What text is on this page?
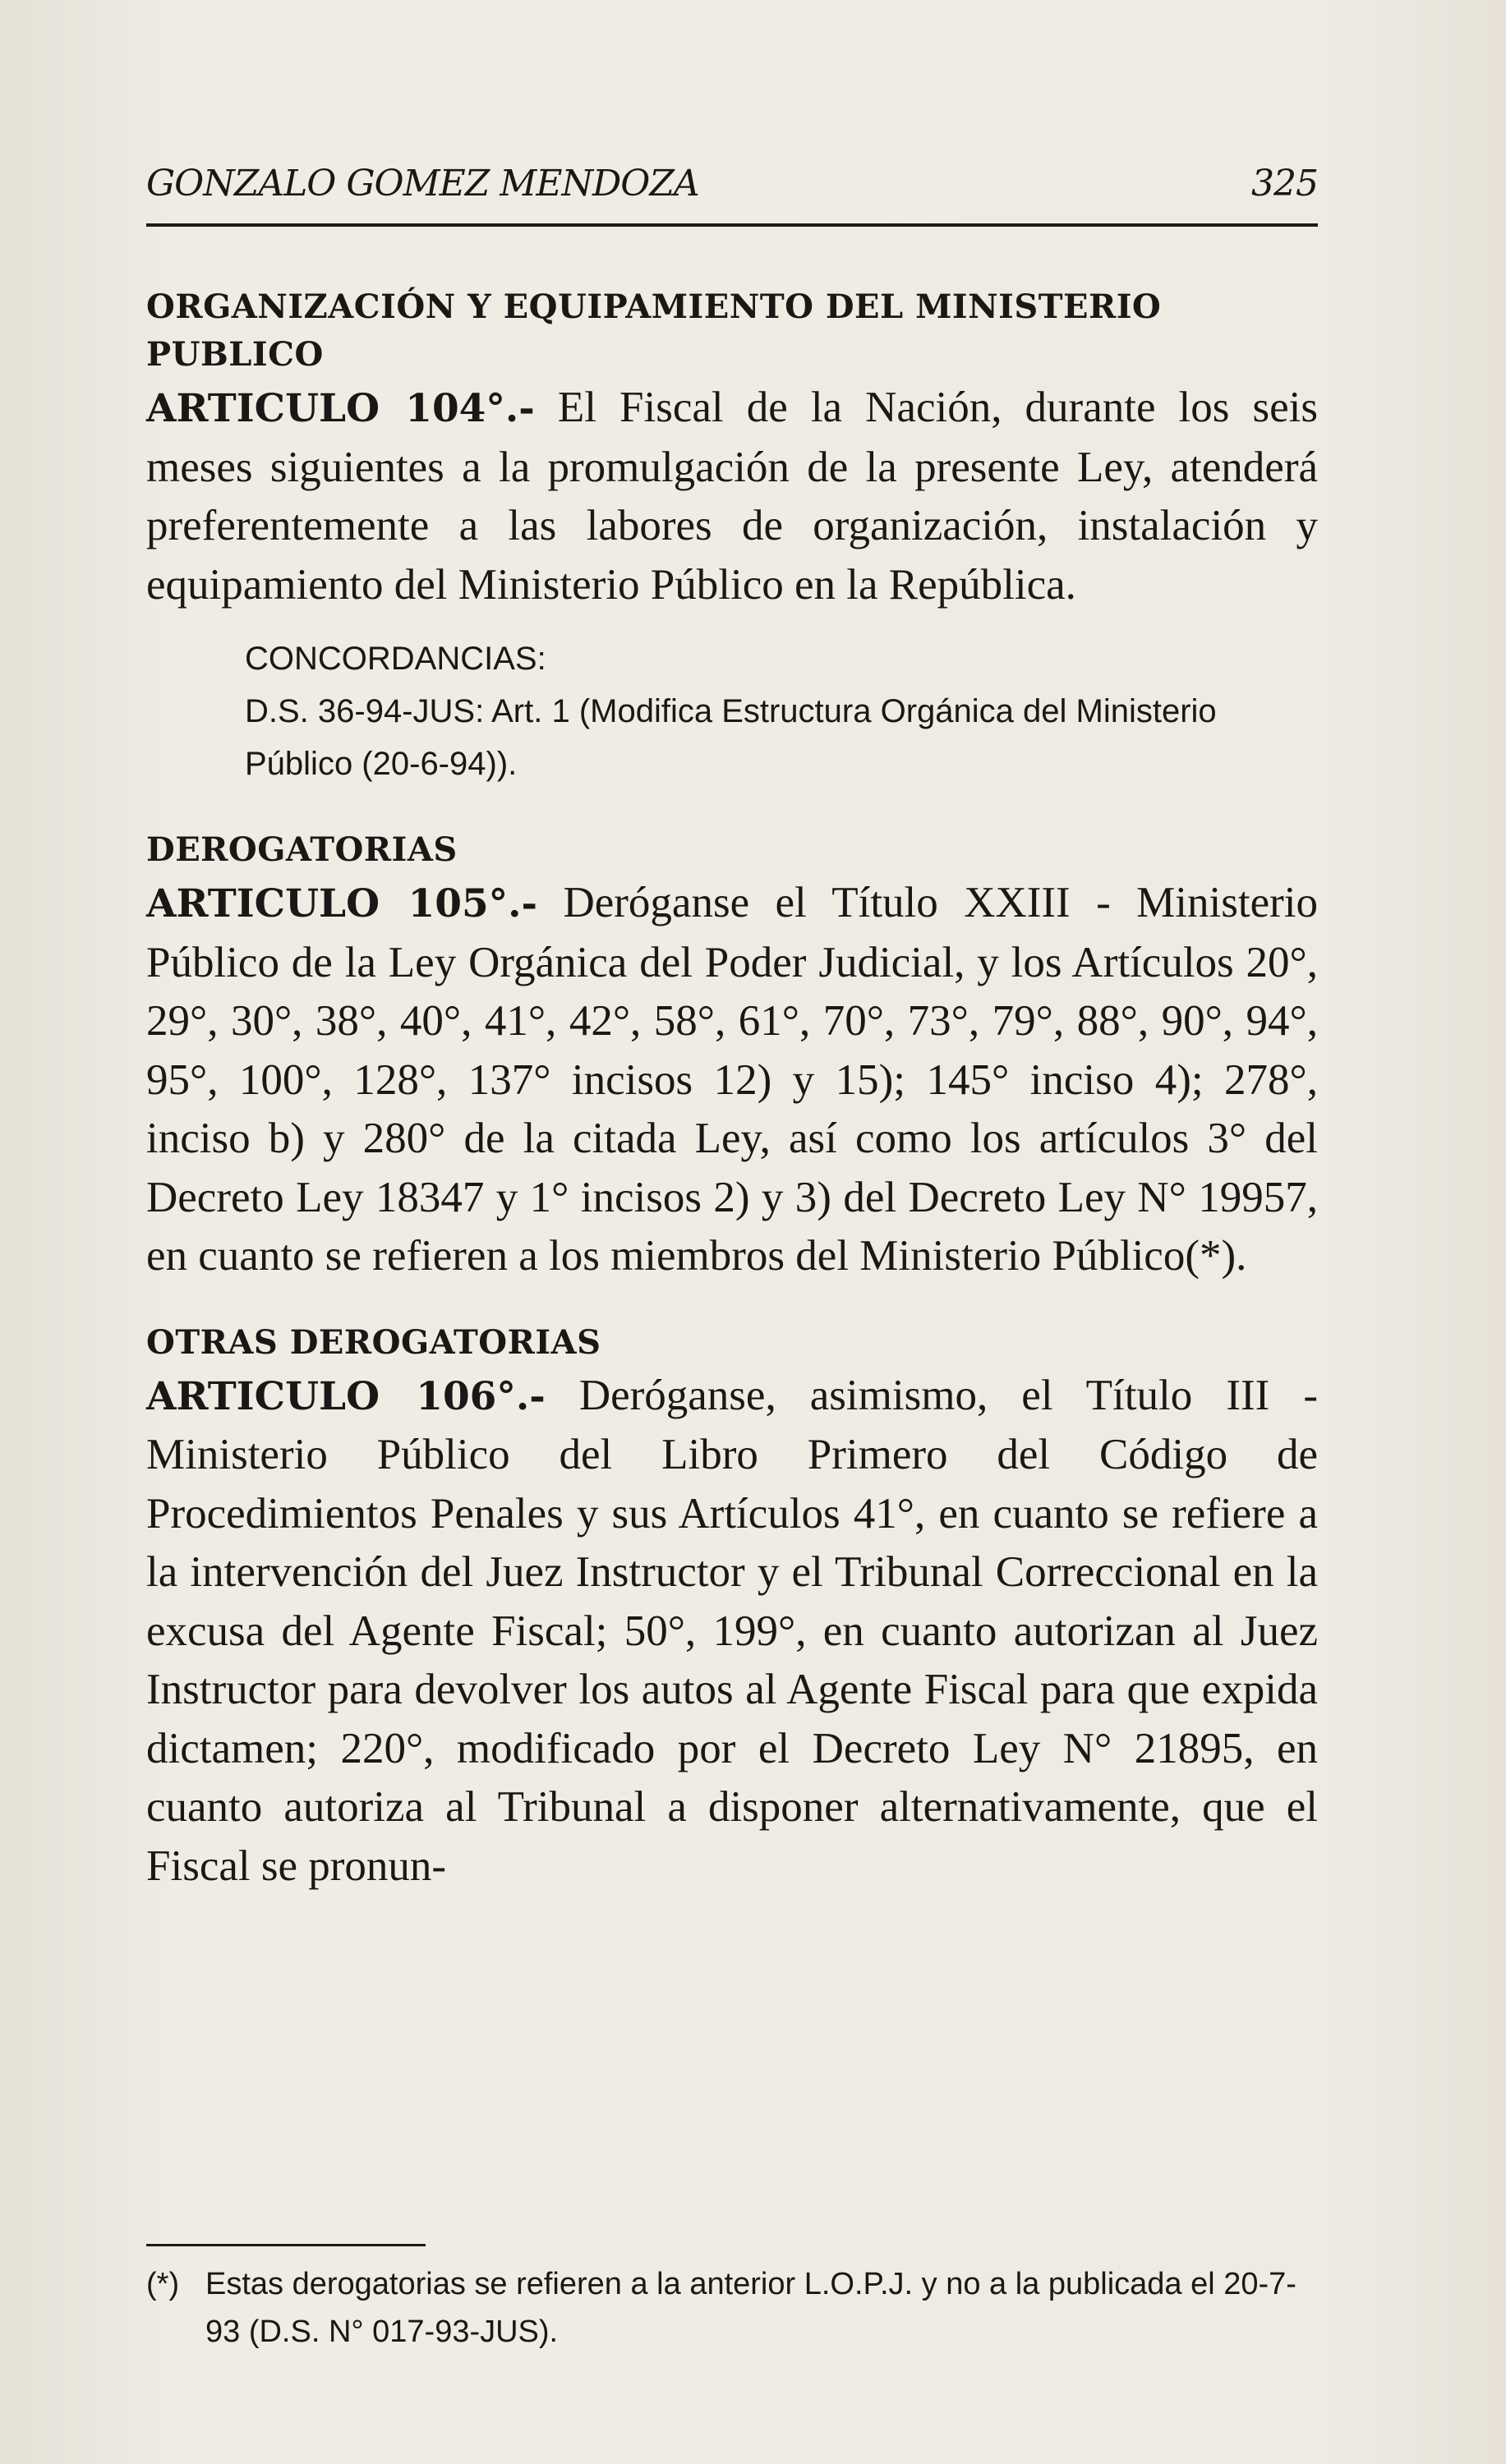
GONZALO GOMEZ MENDOZA	325

ORGANIZACIÓN Y EQUIPAMIENTO DEL MINISTERIO PUBLICO

ARTICULO 104°.- El Fiscal de la Nación, durante los seis meses siguientes a la promulgación de la presente Ley, atenderá preferentemente a las labores de organización, instalación y equipamiento del Ministerio Público en la República.

CONCORDANCIAS:

D.S. 36-94-JUS: Art. 1 (Modifica Estructura Orgánica del Ministerio Público (20-6-94)).

DEROGATORIAS

ARTICULO 105°.- Deróganse el Título XXIII - Ministerio Público de la Ley Orgánica del Poder Judicial, y los Artículos 20°, 29°, 30°, 38°, 40°, 41°, 42°, 58°, 61°, 70°, 73°, 79°, 88°, 90°, 94°, 95°, 100°, 128°, 137° incisos 12) y 15); 145° inciso 4); 278°, inciso b) y 280° de la citada Ley, así como los artículos 3° del Decreto Ley 18347 y 1° incisos 2) y 3) del Decreto Ley N° 19957, en cuanto se refieren a los miembros del Ministerio Público(*).

OTRAS DEROGATORIAS

ARTICULO 106°.- Deróganse, asimismo, el Título III - Ministerio Público del Libro Primero del Código de Procedimientos Penales y sus Artículos 41°, en cuanto se refiere a la intervención del Juez Instructor y el Tribunal Correccional en la excusa del Agente Fiscal; 50°, 199°, en cuanto autorizan al Juez Instructor para devolver los autos al Agente Fiscal para que expida dictamen; 220°, modificado por el Decreto Ley N° 21895, en cuanto autoriza al Tribunal a disponer alternativamente, que el Fiscal se pronun-

(*) Estas derogatorias se refieren a la anterior L.O.P.J. y no a la publicada el 20-7-93 (D.S. N° 017-93-JUS).
